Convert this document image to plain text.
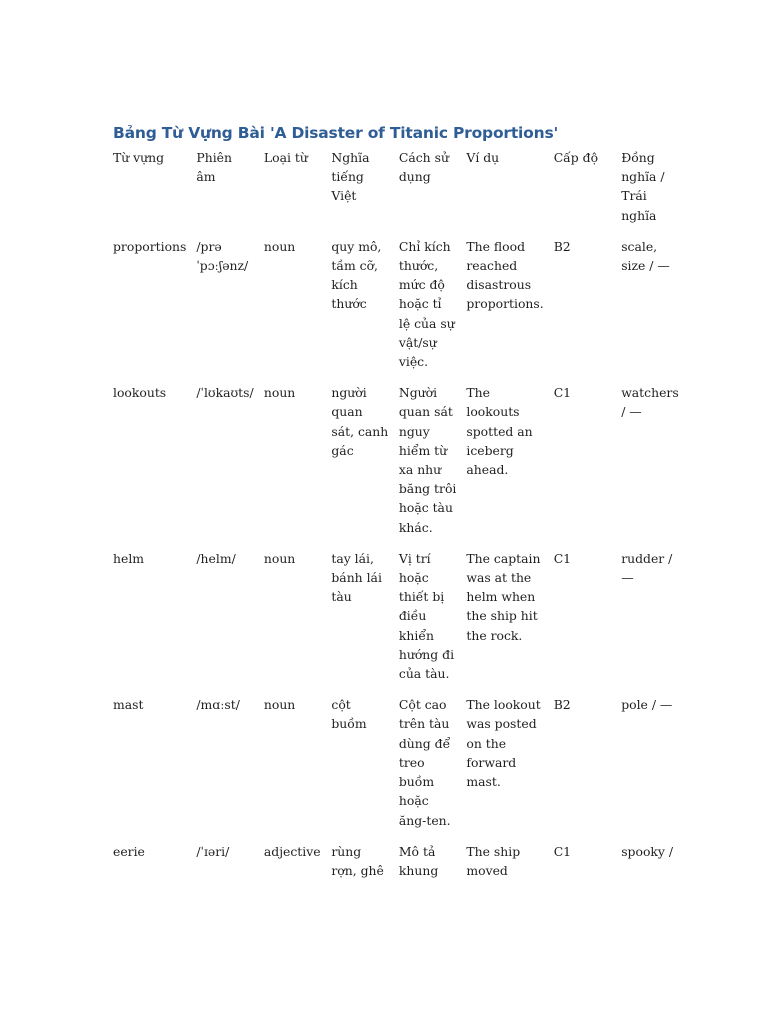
Bảng Từ Vựng Bài 'A Disaster of Titanic Proportions'
Từ vựng	Phiên âm	Loại từ	Nghĩa tiếng Việt	Cách sử dụng	Ví dụ	Cấp độ	Đồng nghĩa / Trái nghĩa
proportions	/prəˈpɔːʃənz/	noun	quy mô, tầm cỡ, kích thước	Chỉ kích thước, mức độ hoặc tỉ lệ của sự vật/sự việc.	The flood reached disastrous proportions.	B2	scale, size / —
lookouts	/ˈlʊkaʊts/	noun	người quan sát, canh gác	Người quan sát nguy hiểm từ xa như băng trôi hoặc tàu khác.	The lookouts spotted an iceberg ahead.	C1	watchers / —
helm	/helm/	noun	tay lái, bánh lái tàu	Vị trí hoặc thiết bị điều khiển hướng đi của tàu.	The captain was at the helm when the ship hit the rock.	C1	rudder / —
mast	/mɑːst/	noun	cột buồm	Cột cao trên tàu dùng để treo buồm hoặc ăng-ten.	The lookout was posted on the forward mast.	B2	pole / —
eerie	/ˈɪəri/	adjective	rùng rợn, ghê	Mô tả khung	The ship moved	C1	spooky /
